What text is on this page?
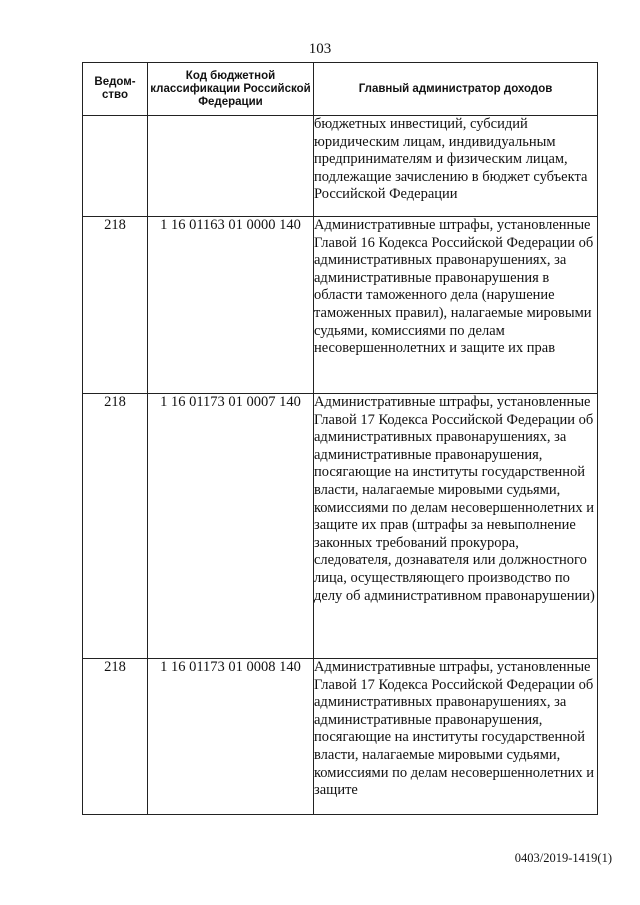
103
Ведом-
ство	Код бюджетной классификации Российской Федерации	Главный администратор доходов
		бюджетных инвестиций, субсидий юридическим лицам, индивидуальным предпринимателям и физическим лицам, подлежащие зачислению в бюджет субъекта Российской Федерации
218	1 16 01163 01 0000 140	Административные штрафы, установленные Главой 16 Кодекса Российской Федерации об административных правонарушениях, за административные правонарушения в области таможенного дела (нарушение таможенных правил), налагаемые мировыми судьями, комиссиями по делам несовершеннолетних и защите их прав
218	1 16 01173 01 0007 140	Административные штрафы, установленные Главой 17 Кодекса Российской Федерации об административных правонарушениях, за административные правонарушения, посягающие на институты государственной власти, налагаемые мировыми судьями, комиссиями по делам несовершеннолетних и защите их прав (штрафы за невыполнение законных требований прокурора, следователя, дознавателя или должностного лица, осуществляющего производство по делу об административном правонарушении)
218	1 16 01173 01 0008 140	Административные штрафы, установленные Главой 17 Кодекса Российской Федерации об административных правонарушениях, за административные правонарушения, посягающие на институты государственной власти, налагаемые мировыми судьями, комиссиями по делам несовершеннолетних и защите
0403/2019-1419(1)
